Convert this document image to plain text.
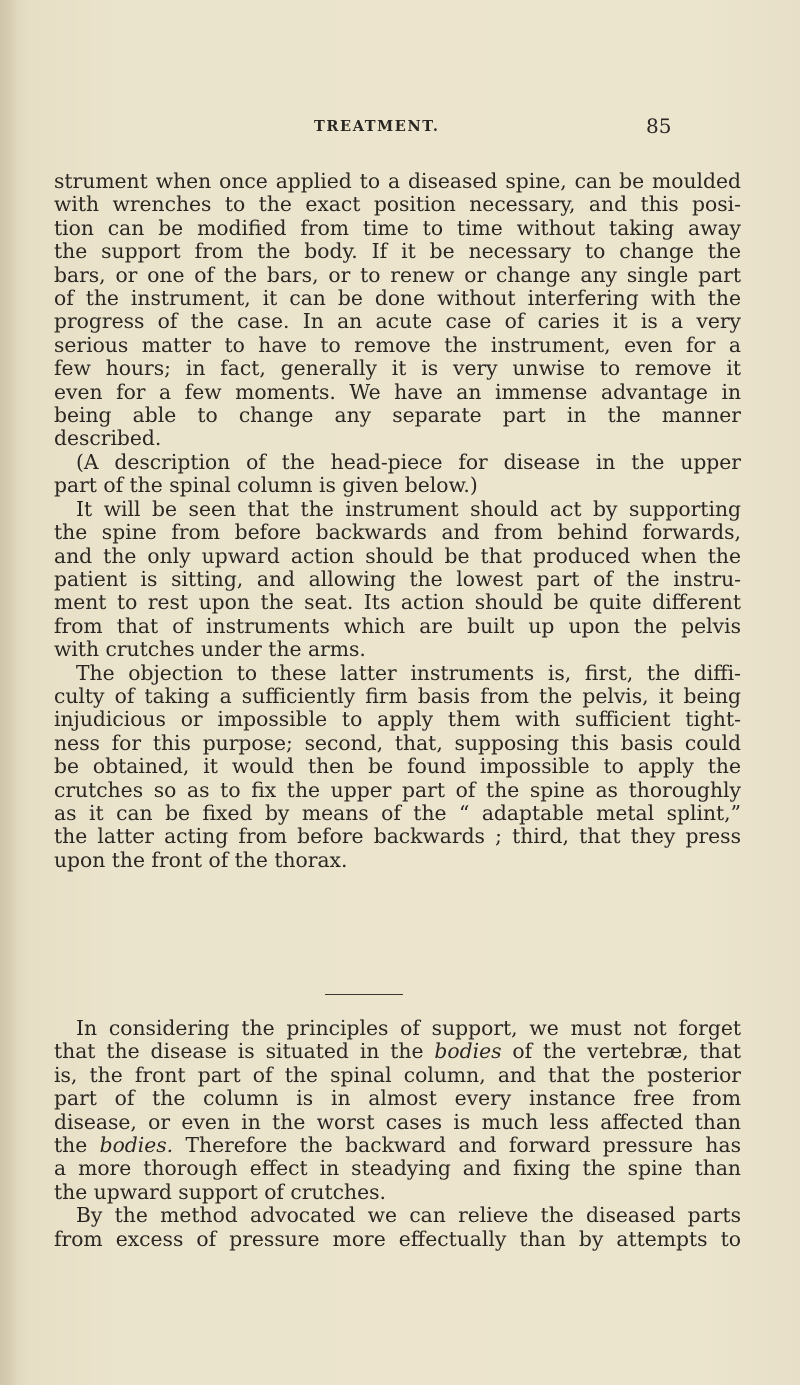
TREATMENT.	85

strument when once applied to a diseased spine, can be moulded

with wrenches to the exact position necessary, and this posi-

tion can be modified from time to time without taking away

the support from the body. If it be necessary to change the

bars, or one of the bars, or to renew or change any single part

of the instrument, it can be done without interfering with the

progress of the case. In an acute case of caries it is a very

serious matter to have to remove the instrument, even for a

few hours; in fact, generally it is very unwise to remove it

even for a few moments. We have an immense advantage in

being able to change any separate part in the manner

described.

(A description of the head-piece for disease in the upper

part of the spinal column is given below.)

It will be seen that the instrument should act by supporting

the spine from before backwards and from behind forwards,

and the only upward action should be that produced when the

patient is sitting, and allowing the lowest part of the instru-

ment to rest upon the seat. Its action should be quite different

from that of instruments which are built up upon the pelvis

with crutches under the arms.

The objection to these latter instruments is, first, the diffi-

culty of taking a sufficiently firm basis from the pelvis, it being

injudicious or impossible to apply them with sufficient tight-

ness for this purpose; second, that, supposing this basis could

be obtained, it would then be found impossible to apply the

crutches so as to fix the upper part of the spine as thoroughly

as it can be fixed by means of the “ adaptable metal splint,”

the latter acting from before backwards ; third, that they press

upon the front of the thorax.

In considering the principles of support, we must not forget

that the disease is situated in the bodies of the vertebræ, that

is, the front part of the spinal column, and that the posterior

part of the column is in almost every instance free from

disease, or even in the worst cases is much less affected than

the bodies. Therefore the backward and forward pressure has

a more thorough effect in steadying and fixing the spine than

the upward support of crutches.

By the method advocated we can relieve the diseased parts

from excess of pressure more effectually than by attempts to
